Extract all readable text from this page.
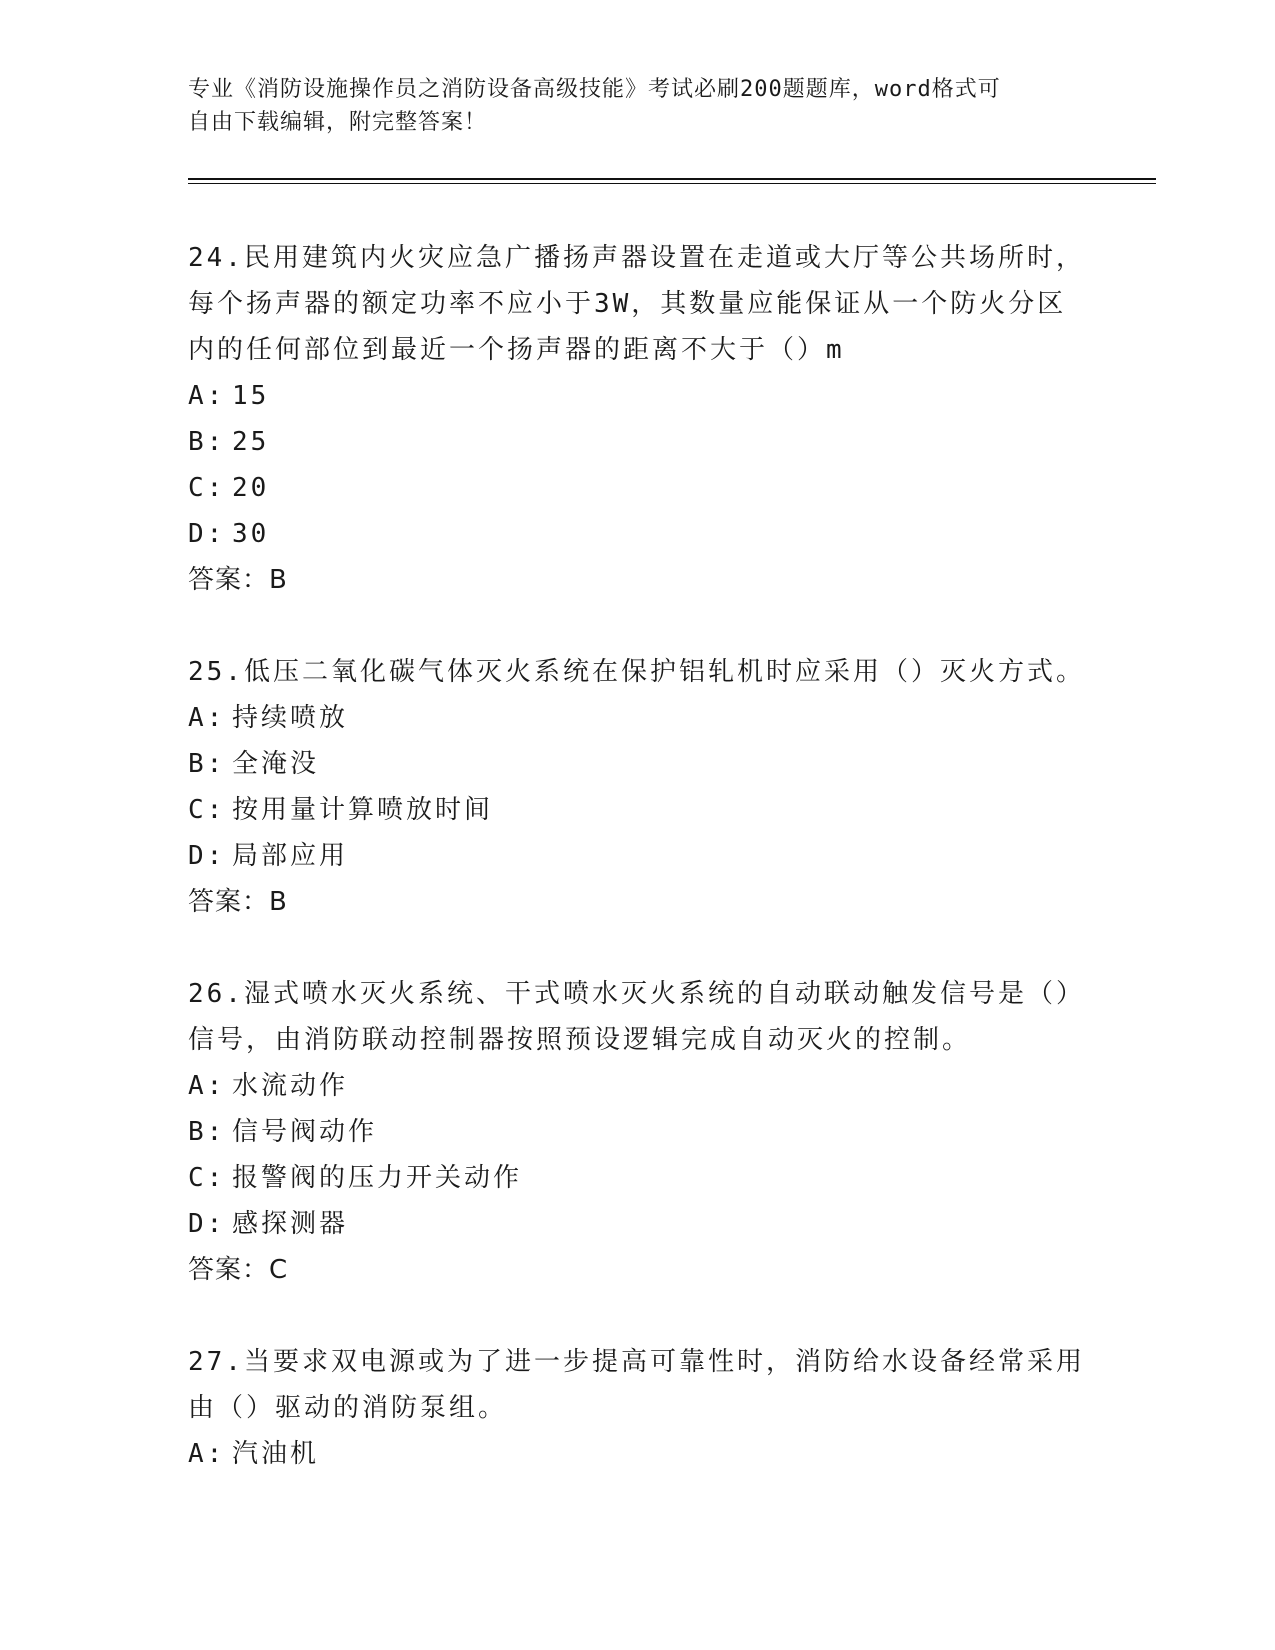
专业《消防设施操作员之消防设备高级技能》考试必刷200题题库，word格式可
自由下载编辑，附完整答案！

24.民用建筑内火灾应急广播扬声器设置在走道或大厅等公共场所时，每个扬声器的额定功率不应小于3W，其数量应能保证从一个防火分区内的任何部位到最近一个扬声器的距离不大于（）m

A: 15

B: 25

C: 20

D: 30

答案：B

25.低压二氧化碳气体灭火系统在保护铝轧机时应采用（）灭火方式。

A: 持续喷放

B: 全淹没

C: 按用量计算喷放时间

D: 局部应用

答案：B

26.湿式喷水灭火系统、干式喷水灭火系统的自动联动触发信号是（）信号，由消防联动控制器按照预设逻辑完成自动灭火的控制。

A: 水流动作

B: 信号阀动作

C: 报警阀的压力开关动作

D: 感探测器

答案：C

27.当要求双电源或为了进一步提高可靠性时，消防给水设备经常采用由（）驱动的消防泵组。

A: 汽油机
